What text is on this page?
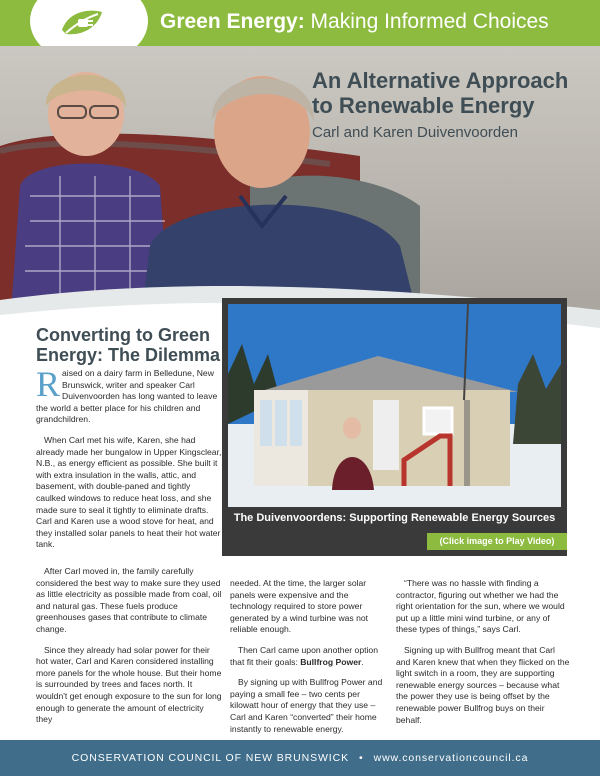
Green Energy: Making Informed Choices
An Alternative Approach
to Renewable Energy
Carl and Karen Duivenvoorden
Converting to Green Energy: The Dilemma

Raised on a dairy farm in Belledune, New Brunswick, writer and speaker Carl Duivenvoorden has long wanted to leave the world a better place for his children and grandchildren.

When Carl met his wife, Karen, she had already made her bungalow in Upper Kingsclear, N.B., as energy efficient as possible. She built it with extra insulation in the walls, attic, and basement, with double-paned and tightly caulked windows to reduce heat loss, and she made sure to seal it tightly to eliminate drafts. Carl and Karen use a wood stove for heat, and they installed solar panels to heat their hot water tank.

The Duivenvoordens: Supporting Renewable Energy Sources
(Click image to Play Video)

After Carl moved in, the family carefully considered the best way to make sure they used as little electricity as possible made from coal, oil and natural gas. These fuels produce greenhouses gases that contribute to climate change.

Since they already had solar power for their hot water, Carl and Karen considered installing more panels for the whole house. But their home is surrounded by trees and faces north. It wouldn't get enough exposure to the sun for long enough to generate the amount of electricity they

needed. At the time, the larger solar panels were expensive and the technology required to store power generated by a wind turbine was not reliable enough.

Then Carl came upon another option that fit their goals: Bullfrog Power.

By signing up with Bullfrog Power and paying a small fee – two cents per kilowatt hour of energy that they use – Carl and Karen “converted” their home instantly to renewable energy.

“There was no hassle with finding a contractor, figuring out whether we had the right orientation for the sun, where we would put up a little mini wind turbine, or any of these types of things,” says Carl.

Signing up with Bullfrog meant that Carl and Karen knew that when they flicked on the light switch in a room, they are supporting renewable energy sources – because what the power they use is being offset by the renewable power Bullfrog buys on their behalf.

CONSERVATION COUNCIL OF NEW BRUNSWICK • www.conservationcouncil.ca
